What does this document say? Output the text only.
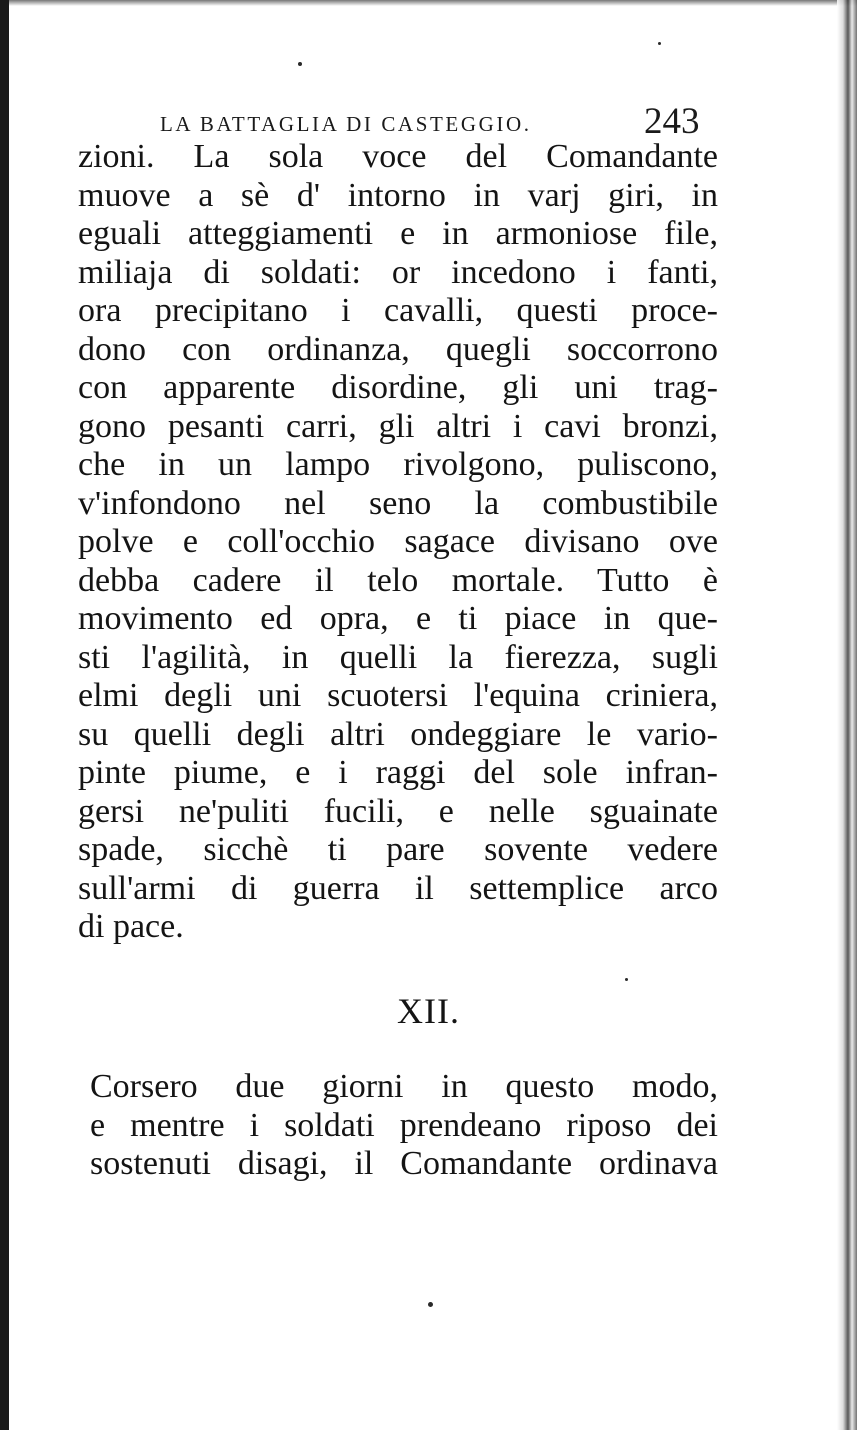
LA BATTAGLIA DI CASTEGGIO.	243
zioni. La sola voce del Comandante
muove a sè d' intorno in varj giri, in
eguali atteggiamenti e in armoniose file,
miliaja di soldati: or incedono i fanti,
ora precipitano i cavalli, questi proce-
dono con ordinanza, quegli soccorrono
con apparente disordine, gli uni trag-
gono pesanti carri, gli altri i cavi bronzi,
che in un lampo rivolgono, puliscono,
v'infondono nel seno la combustibile
polve e coll'occhio sagace divisano ove
debba cadere il telo mortale. Tutto è
movimento ed opra, e ti piace in que-
sti l'agilità, in quelli la fierezza, sugli
elmi degli uni scuotersi l'equina criniera,
su quelli degli altri ondeggiare le vario-
pinte piume, e i raggi del sole infran-
gersi ne'puliti fucili, e nelle sguainate
spade, sicchè ti pare sovente vedere
sull'armi di guerra il settemplice arco
di pace.
XII.
Corsero due giorni in questo modo,
e mentre i soldati prendeano riposo dei
sostenuti disagi, il Comandante ordinava
